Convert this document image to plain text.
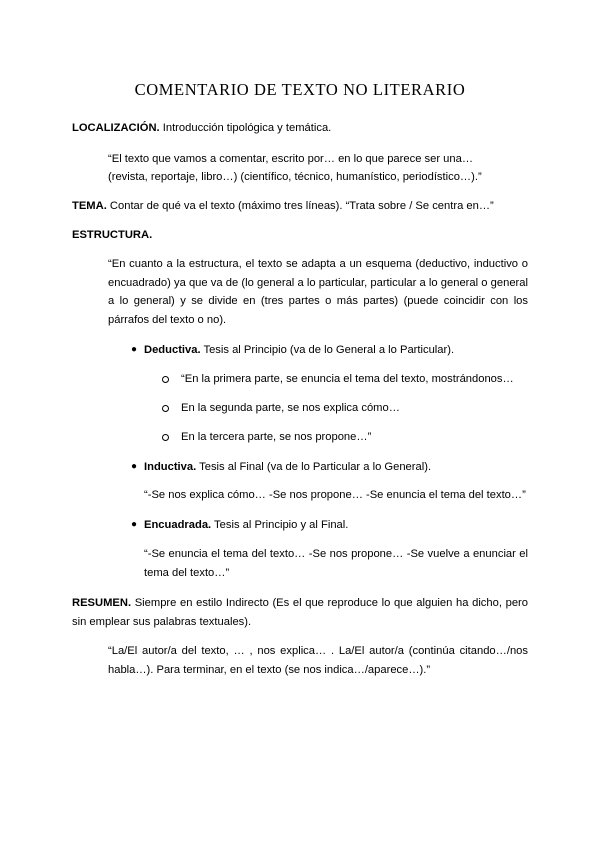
COMENTARIO DE TEXTO NO LITERARIO
LOCALIZACIÓN. Introducción tipológica y temática.
“El texto que vamos a comentar, escrito por… en lo que parece ser una…
(revista, reportaje, libro…) (científico, técnico, humanístico, periodístico…).”
TEMA. Contar de qué va el texto (máximo tres líneas). “Trata sobre / Se centra en…”
ESTRUCTURA.
“En cuanto a la estructura, el texto se adapta a un esquema (deductivo, inductivo o encuadrado) ya que va de (lo general a lo particular, particular a lo general o general a lo general) y se divide en (tres partes o más partes) (puede coincidir con los párrafos del texto o no).
● Deductiva. Tesis al Principio (va de lo General a lo Particular).
“En la primera parte, se enuncia el tema del texto, mostrándonos…
En la segunda parte, se nos explica cómo…
En la tercera parte, se nos propone…”
● Inductiva. Tesis al Final (va de lo Particular a lo General).
“-Se nos explica cómo… -Se nos propone… -Se enuncia el tema del texto…”
● Encuadrada. Tesis al Principio y al Final.
“-Se enuncia el tema del texto… -Se nos propone… -Se vuelve a enunciar el tema del texto…”
RESUMEN. Siempre en estilo Indirecto (Es el que reproduce lo que alguien ha dicho, pero sin emplear sus palabras textuales).
“La/El autor/a del texto, … , nos explica… . La/El autor/a (continúa citando…/nos habla…). Para terminar, en el texto (se nos indica…/aparece…).”
